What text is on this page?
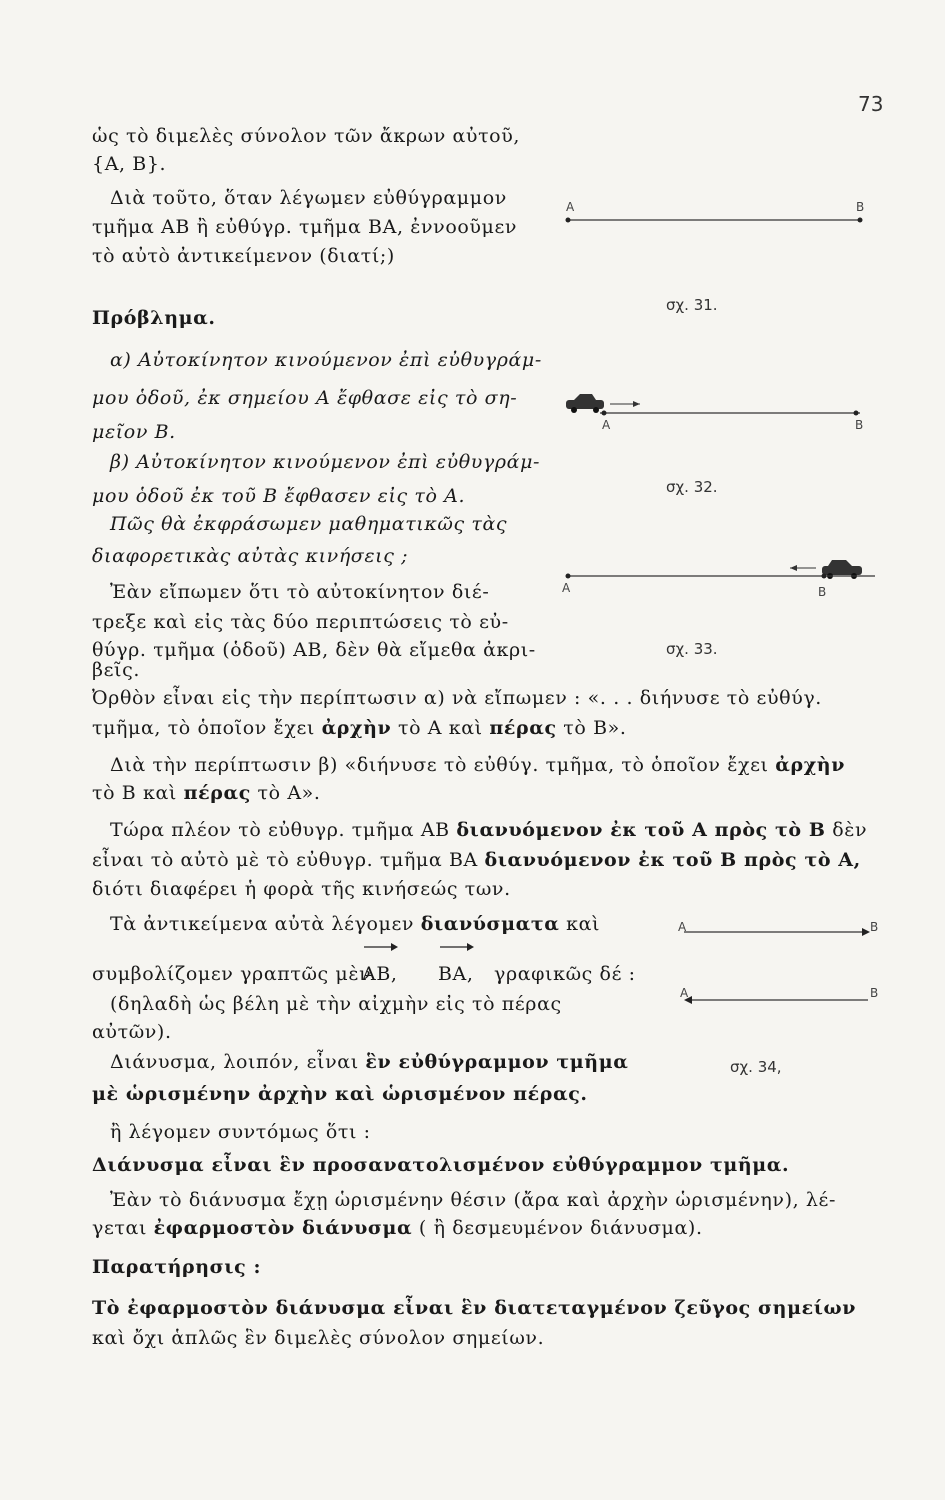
73
ὡς τὸ διμελὲς σύνολον τῶν ἄκρων αὐτοῦ,
{Α, Β}.
Διὰ τοῦτο, ὅταν λέγωμεν εὐθύγραμμον
τμῆμα ΑΒ ἢ εὐθύγρ. τμῆμα ΒΑ, ἐννοοῦμεν
τὸ αὐτὸ ἀντικείμενον (διατί;)
Α	Β
σχ. 31.
Πρόβλημα.
α) Αὐτοκίνητον κινούμενον ἐπὶ εὐθυγράμ-
μου ὁδοῦ, ἐκ σημείου Α ἔφθασε εἰς τὸ ση-
μεῖον Β.
β) Αὐτοκίνητον κινούμενον ἐπὶ εὐθυγράμ-
μου ὁδοῦ ἐκ τοῦ Β ἔφθασεν εἰς τὸ Α.
Πῶς θὰ ἐκφράσωμεν μαθηματικῶς τὰς
διαφορετικὰς αὐτὰς κινήσεις ;
Α	Β
σχ. 32.
Α	Β
Ἐὰν εἴπωμεν ὅτι τὸ αὐτοκίνητον διέ-
τρεξε καὶ εἰς τὰς δύο περιπτώσεις τὸ εὐ-
θύγρ. τμῆμα (ὁδοῦ) ΑΒ, δὲν θὰ εἴμεθα ἀκρι-
βεῖς.
σχ. 33.
Ὀρθὸν εἶναι εἰς τὴν περίπτωσιν α) νὰ εἴπωμεν : «. . . διήνυσε τὸ εὐθύγ.
τμῆμα, τὸ ὁποῖον ἔχει ἀρχὴν τὸ Α καὶ πέρας τὸ Β».
Διὰ τὴν περίπτωσιν β) «διήνυσε τὸ εὐθύγ. τμῆμα, τὸ ὁποῖον ἔχει ἀρχὴν
τὸ Β καὶ πέρας τὸ Α».
Τώρα πλέον τὸ εὐθυγρ. τμῆμα ΑΒ διανυόμενον ἐκ τοῦ Α πρὸς τὸ Β δὲν
εἶναι τὸ αὐτὸ μὲ τὸ εὐθυγρ. τμῆμα ΒΑ διανυόμενον ἐκ τοῦ Β πρὸς τὸ Α,
διότι διαφέρει ἡ φορὰ τῆς κινήσεώς των.
Τὰ ἀντικείμενα αὐτὰ λέγομεν διανύσματα καὶ
συμβολίζομεν γραπτῶς μὲν
ΑΒ, ΒΑ, γραφικῶς δέ :
(δηλαδὴ ὡς βέλη μὲ τὴν αἰχμὴν εἰς τὸ πέρας
αὐτῶν).
Α	Β
Α	Β
Διάνυσμα, λοιπόν, εἶναι ἓν εὐθύγραμμον τμῆμα	σχ. 34,
μὲ ὡρισμένην ἀρχὴν καὶ ὡρισμένον πέρας.
ἢ λέγομεν συντόμως ὅτι :
Διάνυσμα εἶναι ἓν προσανατολισμένον εὐθύγραμμον τμῆμα.
Ἐὰν τὸ διάνυσμα ἔχῃ ὡρισμένην θέσιν (ἄρα καὶ ἀρχὴν ὡρισμένην), λέ-
γεται ἐφαρμοστὸν διάνυσμα ( ἢ δεσμευμένον διάνυσμα).
Παρατήρησις :
Τὸ ἐφαρμοστὸν διάνυσμα εἶναι ἓν διατεταγμένον ζεῦγος σημείων
καὶ ὄχι ἁπλῶς ἓν διμελὲς σύνολον σημείων.
